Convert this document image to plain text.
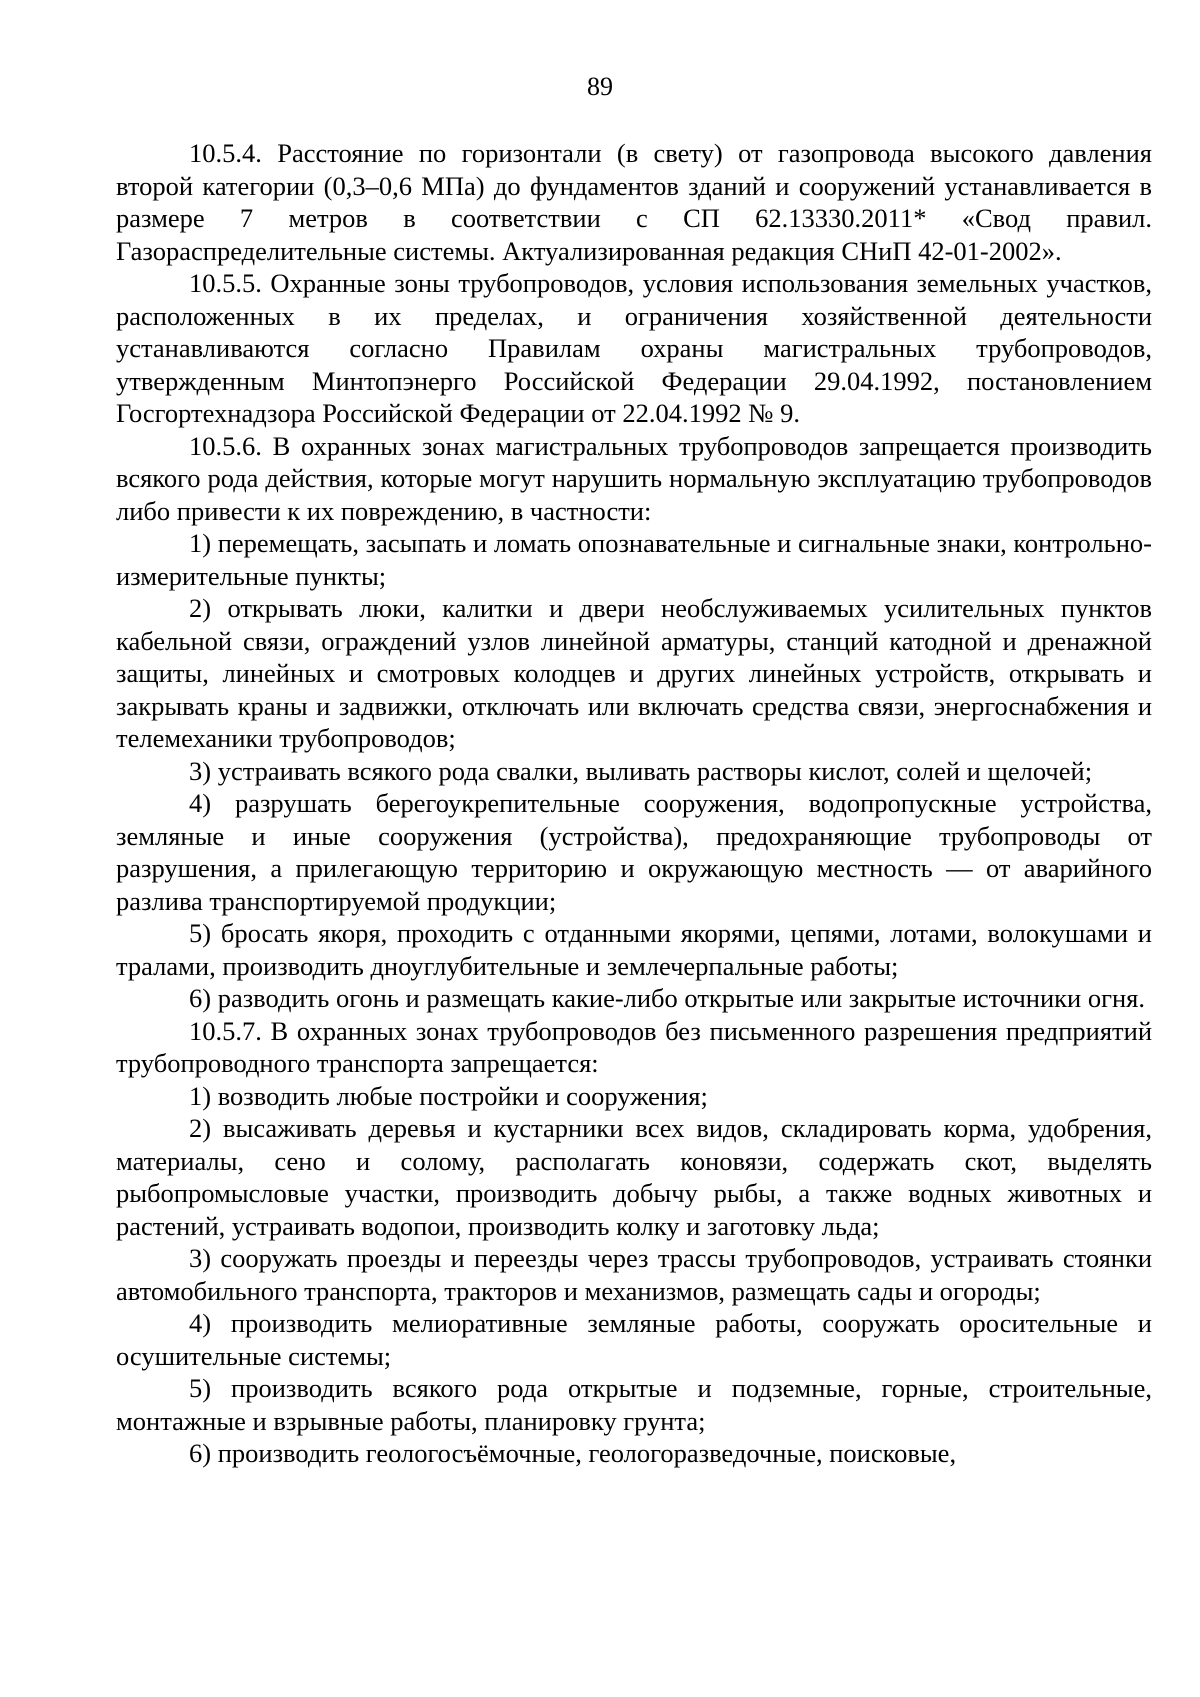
89

10.5.4. Расстояние по горизонтали (в свету) от газопровода высокого давления второй категории (0,3–0,6 МПа) до фундаментов зданий и сооружений устанавливается в размере 7 метров в соответствии с СП 62.13330.2011* «Свод правил. Газораспределительные системы. Актуализированная редакция СНиП 42-01-2002».

10.5.5. Охранные зоны трубопроводов, условия использования земельных участков, расположенных в их пределах, и ограничения хозяйственной деятельности устанавливаются согласно Правилам охраны магистральных трубопроводов, утвержденным Минтопэнерго Российской Федерации 29.04.1992, постановлением Госгортехнадзора Российской Федерации от 22.04.1992 № 9.

10.5.6. В охранных зонах магистральных трубопроводов запрещается производить всякого рода действия, которые могут нарушить нормальную эксплуатацию трубопроводов либо привести к их повреждению, в частности:

1) перемещать, засыпать и ломать опознавательные и сигнальные знаки, контрольно-измерительные пункты;

2) открывать люки, калитки и двери необслуживаемых усилительных пунктов кабельной связи, ограждений узлов линейной арматуры, станций катодной и дренажной защиты, линейных и смотровых колодцев и других линейных устройств, открывать и закрывать краны и задвижки, отключать или включать средства связи, энергоснабжения и телемеханики трубопроводов;

3) устраивать всякого рода свалки, выливать растворы кислот, солей и щелочей;

4) разрушать берегоукрепительные сооружения, водопропускные устройства, земляные и иные сооружения (устройства), предохраняющие трубопроводы от разрушения, а прилегающую территорию и окружающую местность — от аварийного разлива транспортируемой продукции;

5) бросать якоря, проходить с отданными якорями, цепями, лотами, волокушами и тралами, производить дноуглубительные и землечерпальные работы;

6) разводить огонь и размещать какие-либо открытые или закрытые источники огня.

10.5.7. В охранных зонах трубопроводов без письменного разрешения предприятий трубопроводного транспорта запрещается:

1) возводить любые постройки и сооружения;

2) высаживать деревья и кустарники всех видов, складировать корма, удобрения, материалы, сено и солому, располагать коновязи, содержать скот, выделять рыбопромысловые участки, производить добычу рыбы, а также водных животных и растений, устраивать водопои, производить колку и заготовку льда;

3) сооружать проезды и переезды через трассы трубопроводов, устраивать стоянки автомобильного транспорта, тракторов и механизмов, размещать сады и огороды;

4) производить мелиоративные земляные работы, сооружать оросительные и осушительные системы;

5) производить всякого рода открытые и подземные, горные, строительные, монтажные и взрывные работы, планировку грунта;

6) производить геологосъёмочные, геологоразведочные, поисковые,
